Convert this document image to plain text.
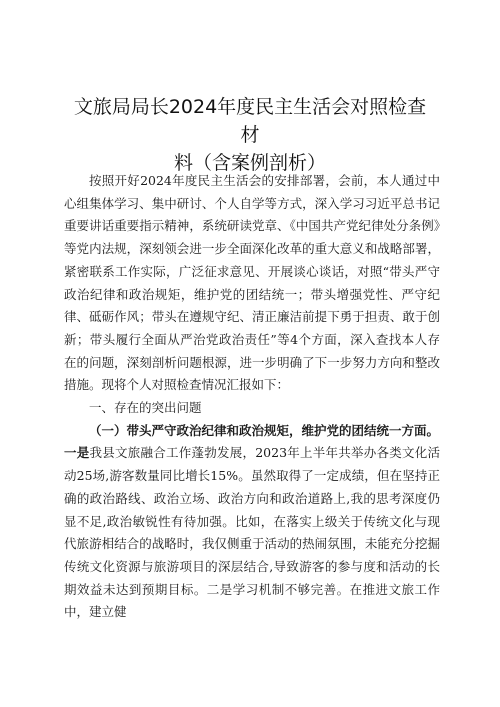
文旅局局长2024年度民主生活会对照检查材
料（含案例剖析）

按照开好2024年度民主生活会的安排部署，会前，本人通过中心组集体学习、集中研讨、个人自学等方式，深入学习习近平总书记重要讲话重要指示精神，系统研读党章、《中国共产党纪律处分条例》等党内法规，深刻领会进一步全面深化改革的重大意义和战略部署，紧密联系工作实际，广泛征求意见、开展谈心谈话，对照“带头严守政治纪律和政治规矩，维护党的团结统一；带头增强党性、严守纪律、砥砺作风；带头在遵规守纪、清正廉洁前提下勇于担责、敢于创新；带头履行全面从严治党政治责任”等4个方面，深入查找本人存在的问题，深刻剖析问题根源，进一步明确了下一步努力方向和整改措施。现将个人对照检查情况汇报如下：

一、存在的突出问题

（一）带头严守政治纪律和政治规矩，维护党的团结统一方面。

一是我县文旅融合工作蓬勃发展，2023年上半年共举办各类文化活动25场,游客数量同比增长15%。虽然取得了一定成绩，但在坚持正确的政治路线、政治立场、政治方向和政治道路上,我的思考深度仍显不足,政治敏锐性有待加强。比如，在落实上级关于传统文化与现代旅游相结合的战略时，我仅侧重于活动的热闹氛围，未能充分挖掘传统文化资源与旅游项目的深层结合,导致游客的参与度和活动的长期效益未达到预期目标。二是学习机制不够完善。在推进文旅工作中，建立健
